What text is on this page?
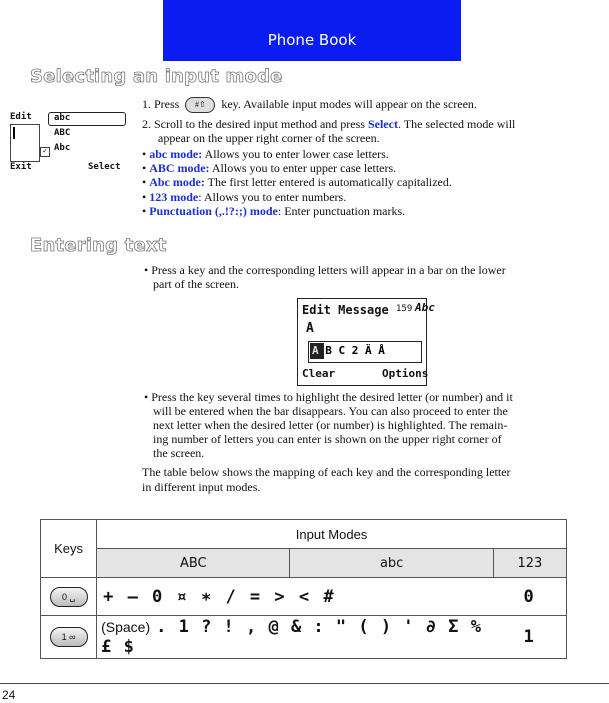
Phone Book
Selecting an input mode
Edit abc
ABC
Abc
✓
Exit	Select
1. Press #⇧ key. Available input modes will appear on the screen.
2. Scroll to the desired input method and press Select. The selected mode will
appear on the upper right corner of the screen.
• abc mode: Allows you to enter lower case letters.
• ABC mode: Allows you to enter upper case letters.
• Abc mode: The first letter entered is automatically capitalized.
• 123 mode: Allows you to enter numbers.
• Punctuation (,.!?:;) mode: Enter punctuation marks.
Entering text
• Press a key and the corresponding letters will appear in a bar on the lower
part of the screen.
Edit Message 159 Abc
A
A B C 2 Ä Å
Clear	Options
• Press the key several times to highlight the desired letter (or number) and it
will be entered when the bar disappears. You can also proceed to enter the
next letter when the desired letter (or number) is highlighted. The remain-
ing number of letters you can enter is shown on the upper right corner of
the screen.
The table below shows the mapping of each key and the corresponding letter
in different input modes.
Keys	Input Modes		
	ABC	abc	123
0 ␣	+ – 0 ¤ ∗ / = > < #		0
1 ∞	(Space) . 1 ? ! , @ & : " ( ) ' ∂ Σ % £ $		1
24
